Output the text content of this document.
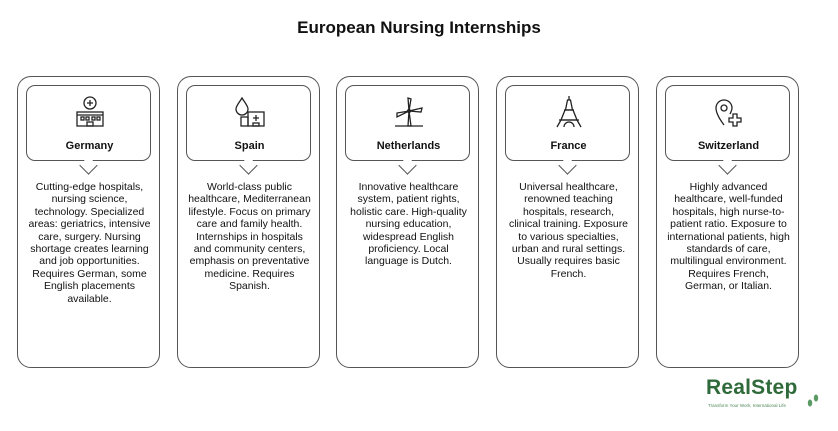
European Nursing Internships
Germany
Cutting-edge hospitals, nursing science, technology. Specialized areas: geriatrics, intensive care, surgery. Nursing shortage creates learning and job opportunities. Requires German, some English placements available.
Spain
World-class public healthcare, Mediterranean lifestyle. Focus on primary care and family health. Internships in hospitals and community centers, emphasis on preventative medicine. Requires Spanish.
Netherlands
Innovative healthcare system, patient rights, holistic care. High-quality nursing education, widespread English proficiency. Local language is Dutch.
France
Universal healthcare, renowned teaching hospitals, research, clinical training. Exposure to various specialties, urban and rural settings. Usually requires basic French.
Switzerland
Highly advanced healthcare, well-funded hospitals, high nurse-to-patient ratio. Exposure to international patients, high standards of care, multilingual environment. Requires French, German, or Italian.
RealStep
Transform Your Work, International Life
